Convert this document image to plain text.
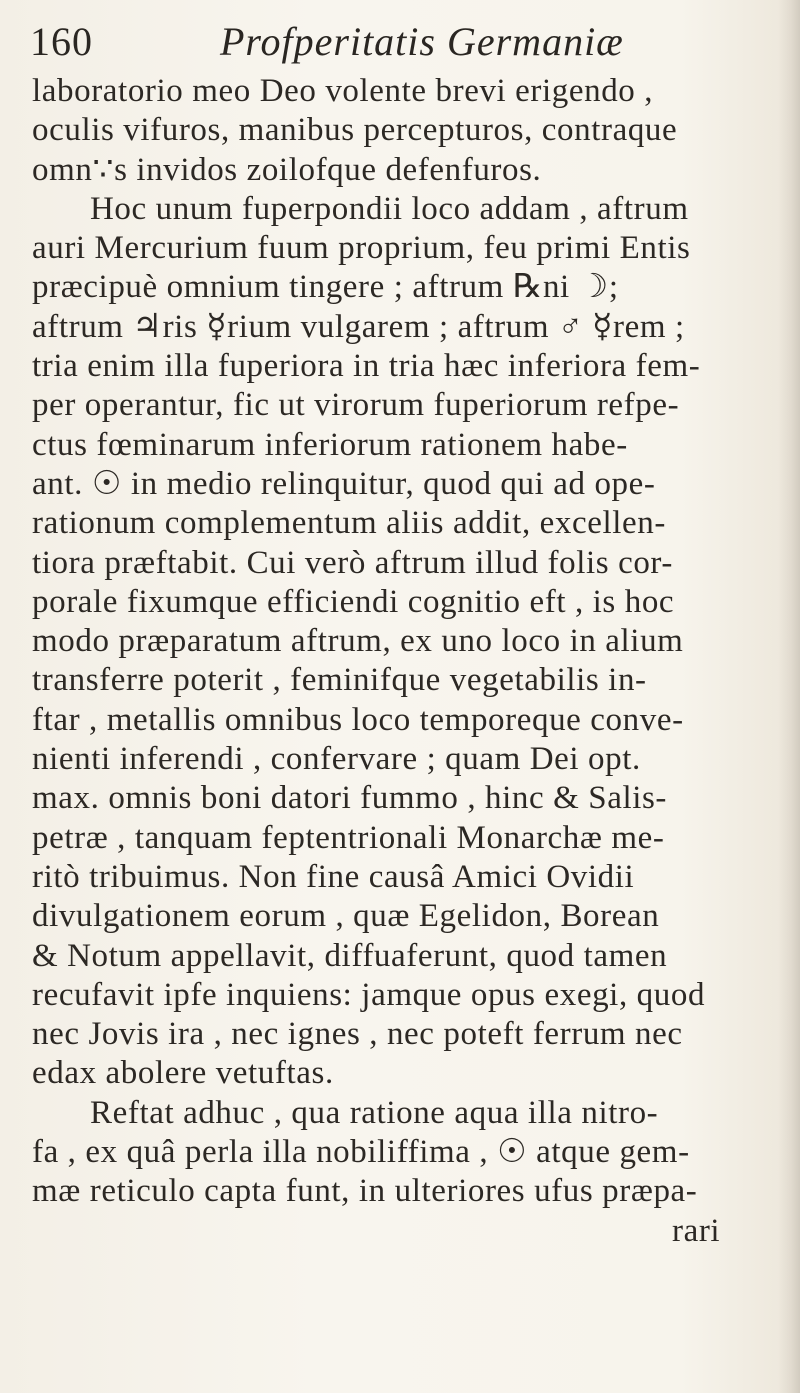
160	Profperitatis Germaniæ
laboratorio meo Deo volente brevi erigendo ,
oculis vifuros, manibus percepturos, contraque
omn∵s invidos zoilofque defenfuros.
Hoc unum fuperpondii loco addam , aftrum
auri Mercurium fuum proprium, feu primi Entis
præcipuè omnium tingere ; aftrum ℞ni ☽;
aftrum ♃ris ☿rium vulgarem ; aftrum ♂ ☿rem ;
tria enim illa fuperiora in tria hæc inferiora fem-
per operantur, fic ut virorum fuperiorum refpe-
ctus fœminarum inferiorum rationem habe-
ant. ☉ in medio relinquitur, quod qui ad ope-
rationum complementum aliis addit, excellen-
tiora præftabit. Cui verò aftrum illud folis cor-
porale fixumque efficiendi cognitio eft , is hoc
modo præparatum aftrum, ex uno loco in alium
transferre poterit , feminifque vegetabilis in-
ftar , metallis omnibus loco temporeque conve-
nienti inferendi , confervare ; quam Dei opt.
max. omnis boni datori fummo , hinc & Salis-
petræ , tanquam feptentrionali Monarchæ me-
ritò tribuimus. Non fine causâ Amici Ovidii
divulgationem eorum , quæ Egelidon, Borean
& Notum appellavit, diffuaferunt, quod tamen
recufavit ipfe inquiens: jamque opus exegi, quod
nec Jovis ira , nec ignes , nec poteft ferrum nec
edax abolere vetuftas.
Reftat adhuc , qua ratione aqua illa nitro-
fa , ex quâ perla illa nobiliffima , ☉ atque gem-
mæ reticulo capta funt, in ulteriores ufus præpa-
rari
